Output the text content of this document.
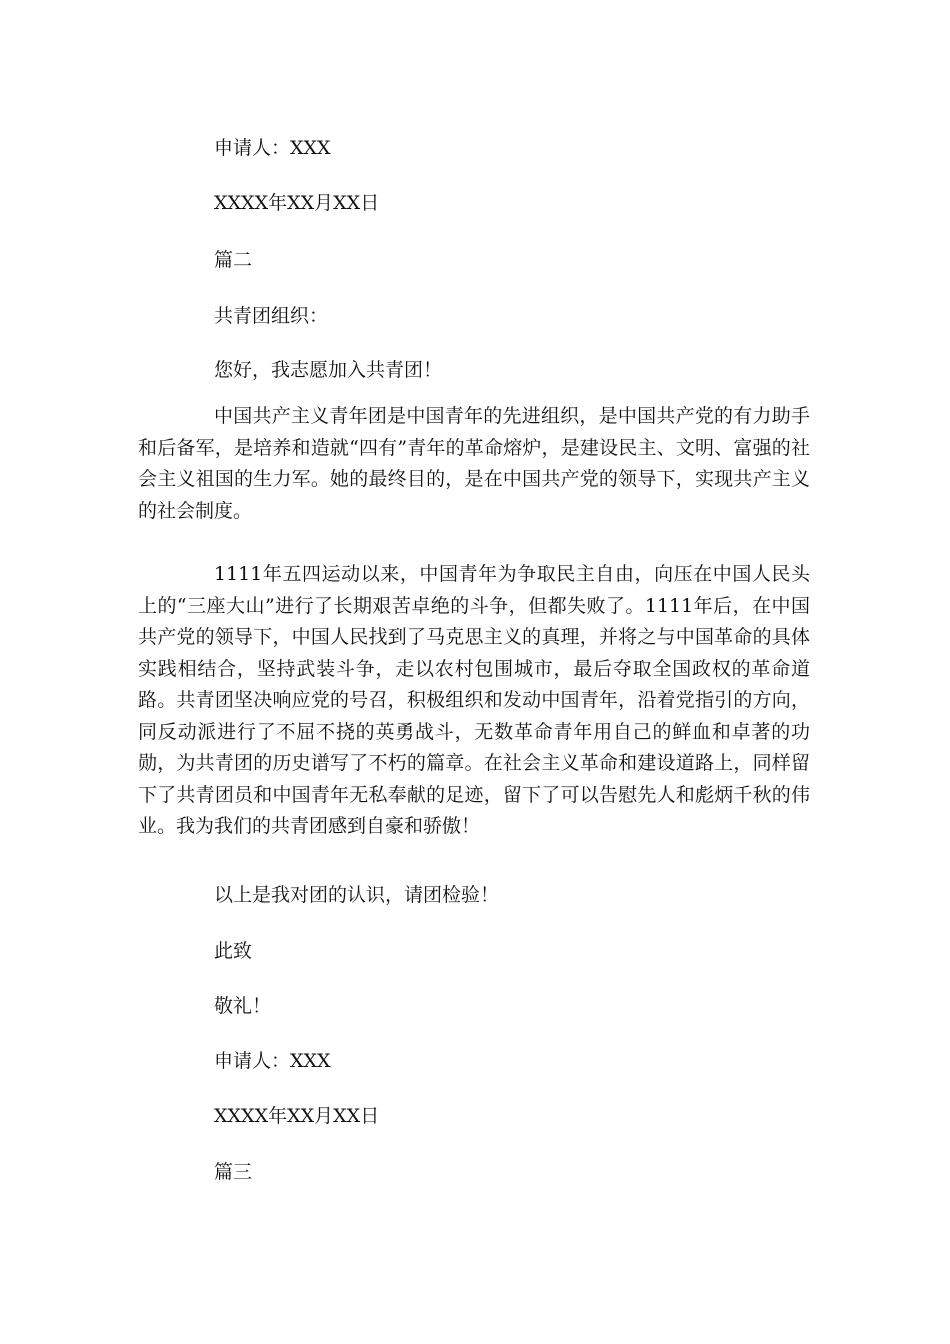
申请人：XXX
XXXX年XX月XX日
篇二
共青团组织：
您好，我志愿加入共青团！

中国共产主义青年团是中国青年的先进组织，是中国共产党的有力助手和后备军，是培养和造就“四有”青年的革命熔炉，是建设民主、文明、富强的社会主义祖国的生力军。她的最终目的，是在中国共产党的领导下，实现共产主义的社会制度。

1111年五四运动以来，中国青年为争取民主自由，向压在中国人民头上的“三座大山”进行了长期艰苦卓绝的斗争，但都失败了。1111年后，在中国共产党的领导下，中国人民找到了马克思主义的真理，并将之与中国革命的具体实践相结合，坚持武装斗争，走以农村包围城市，最后夺取全国政权的革命道路。共青团坚决响应党的号召，积极组织和发动中国青年，沿着党指引的方向，同反动派进行了不屈不挠的英勇战斗，无数革命青年用自己的鲜血和卓著的功勋，为共青团的历史谱写了不朽的篇章。在社会主义革命和建设道路上，同样留下了共青团员和中国青年无私奉献的足迹，留下了可以告慰先人和彪炳千秋的伟业。我为我们的共青团感到自豪和骄傲！

以上是我对团的认识，请团检验！
此致
敬礼！
申请人：XXX
XXXX年XX月XX日
篇三
